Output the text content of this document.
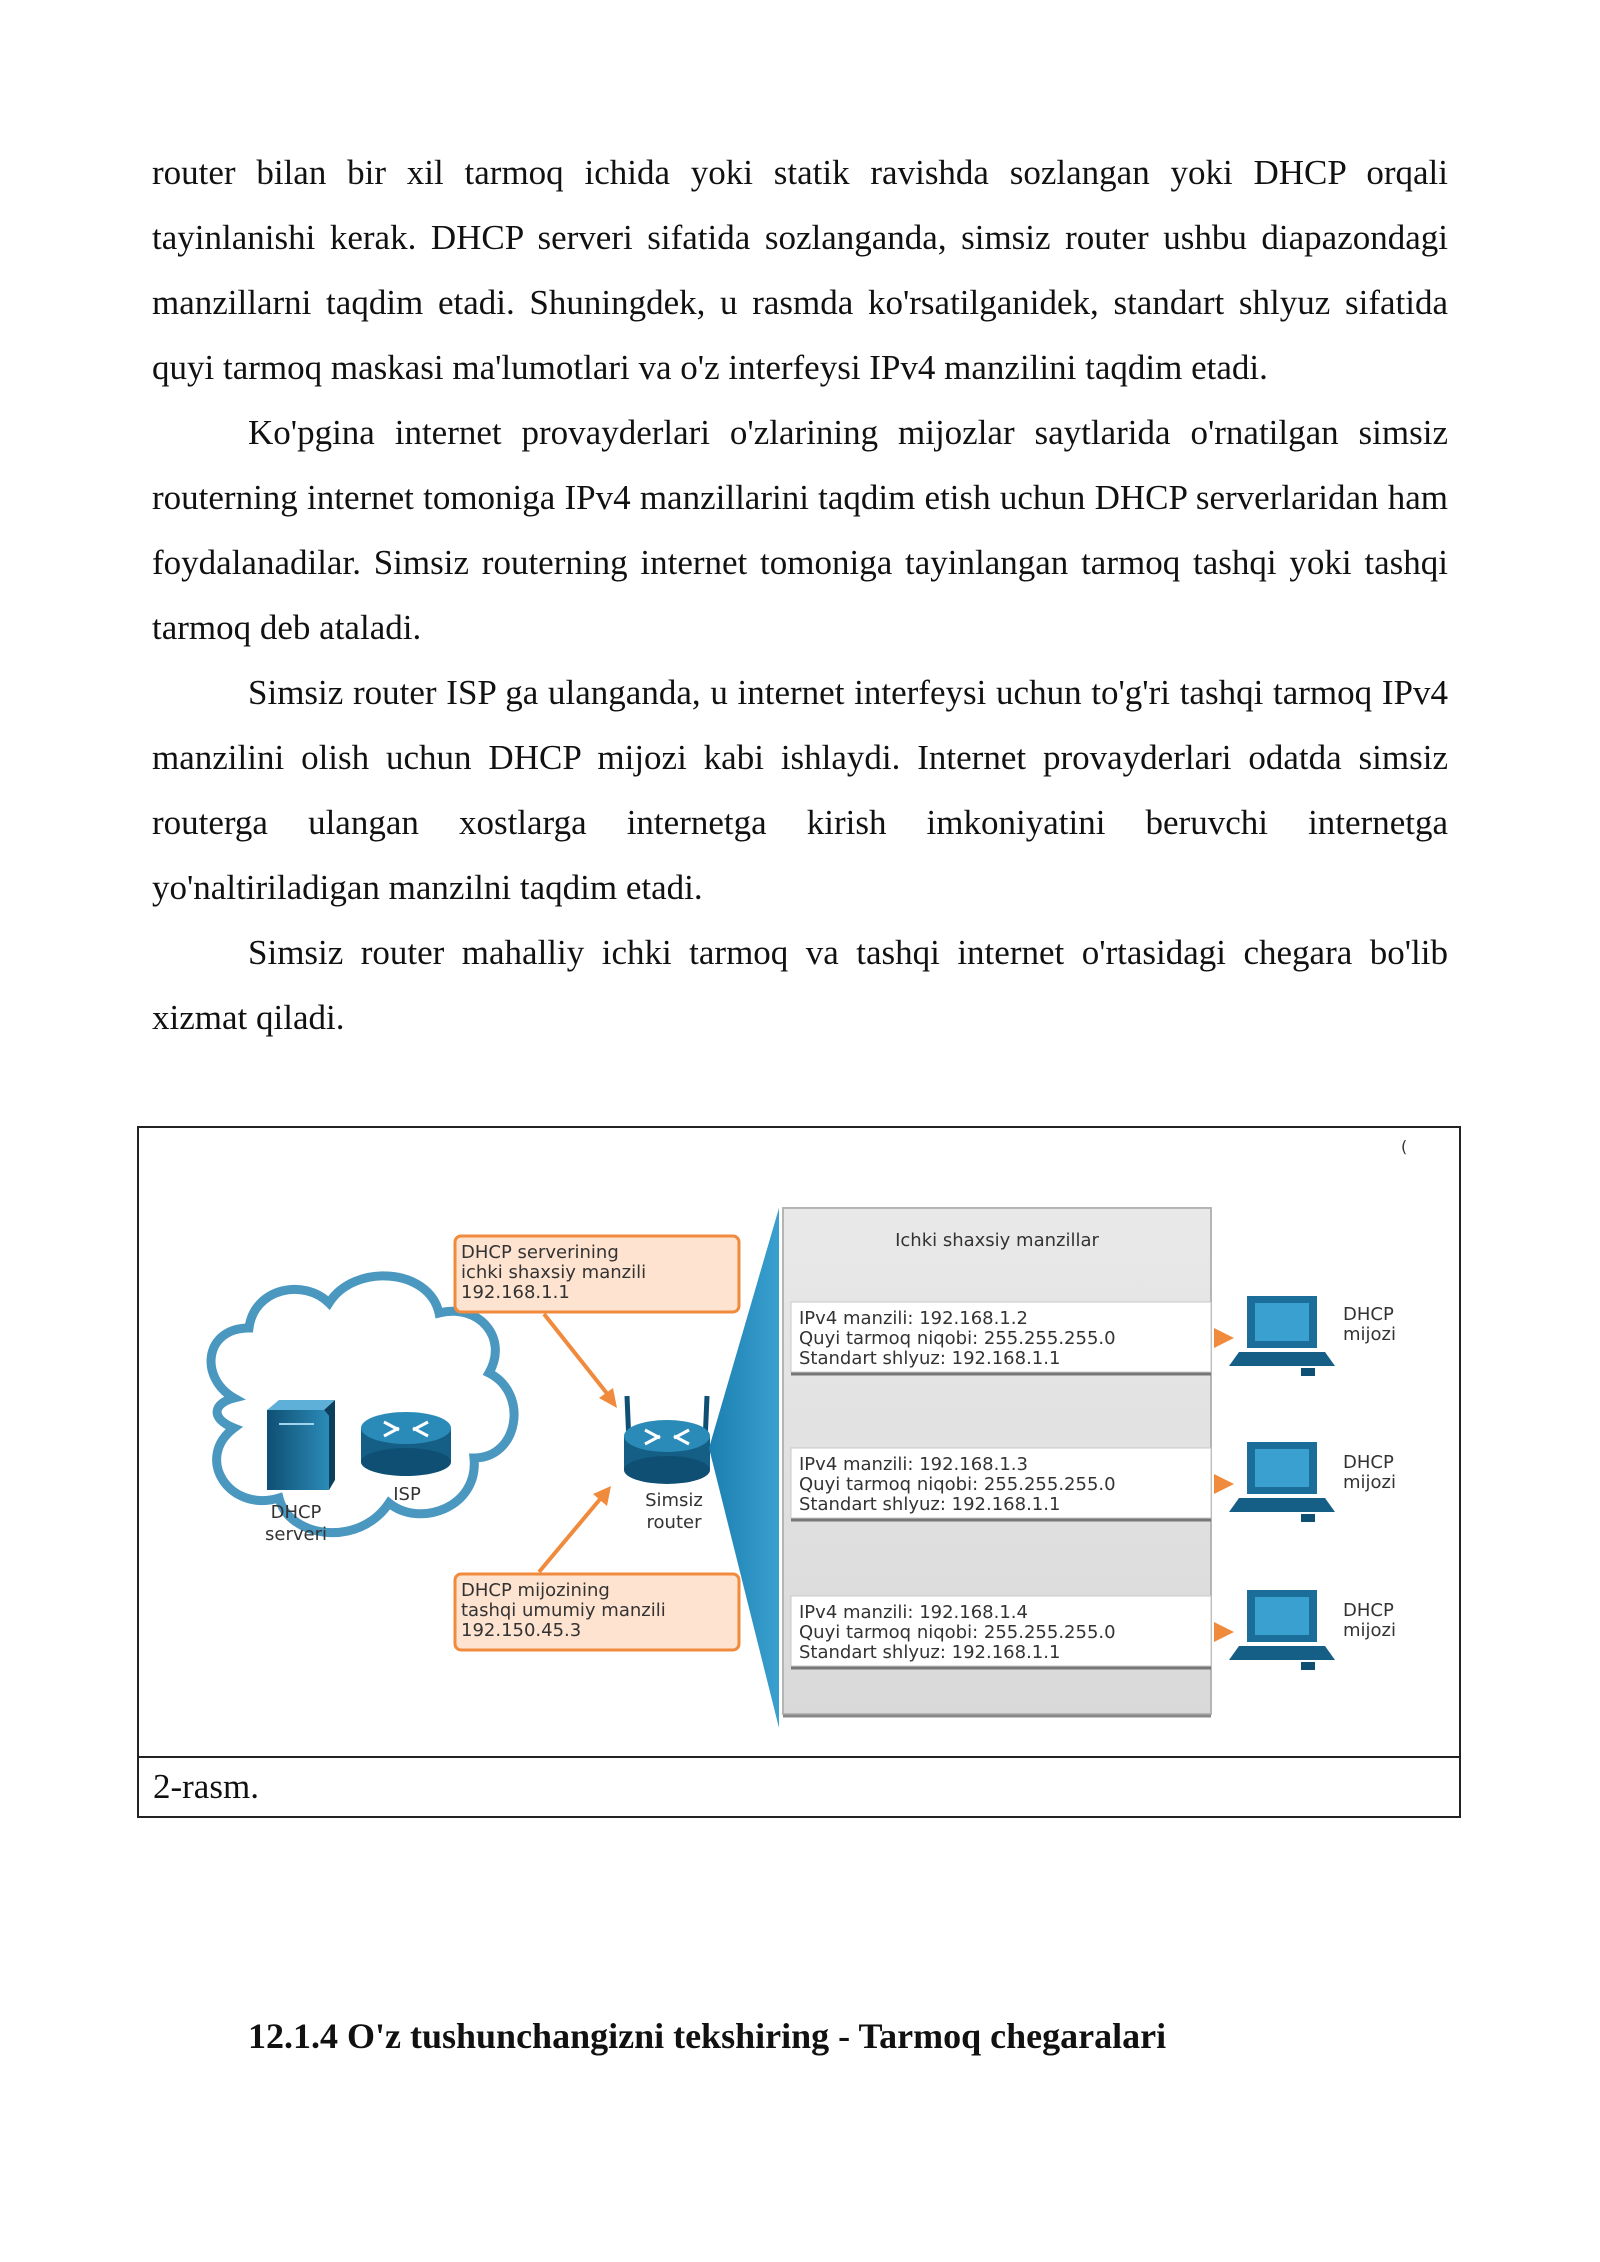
router bilan bir xil tarmoq ichida yoki statik ravishda sozlangan yoki DHCP orqali tayinlanishi kerak. DHCP serveri sifatida sozlanganda, simsiz router ushbu diapazondagi manzillarni taqdim etadi. Shuningdek, u rasmda ko'rsatilganidek, standart shlyuz sifatida quyi tarmoq maskasi ma'lumotlari va o'z interfeysi IPv4 manzilini taqdim etadi.

Ko'pgina internet provayderlari o'zlarining mijozlar saytlarida o'rnatilgan simsiz routerning internet tomoniga IPv4 manzillarini taqdim etish uchun DHCP serverlaridan ham foydalanadilar. Simsiz routerning internet tomoniga tayinlangan tarmoq tashqi yoki tashqi tarmoq deb ataladi.

Simsiz router ISP ga ulanganda, u internet interfeysi uchun to'g'ri tashqi tarmoq IPv4 manzilini olish uchun DHCP mijozi kabi ishlaydi. Internet provayderlari odatda simsiz routerga ulangan xostlarga internetga kirish imkoniyatini beruvchi internetga yo'naltiriladigan manzilni taqdim etadi.

Simsiz router mahalliy ichki tarmoq va tashqi internet o'rtasidagi chegara bo'lib xizmat qiladi.

(
DHCP
serveri
ISP	Simsiz
router
DHCP serverining
ichki shaxsiy manzili
192.168.1.1
DHCP mijozining
tashqi umumiy manzili
192.150.45.3
Ichki shaxsiy manzillar
IPv4 manzili: 192.168.1.2
Quyi tarmoq niqobi: 255.255.255.0
Standart shlyuz: 192.168.1.1
IPv4 manzili: 192.168.1.3
Quyi tarmoq niqobi: 255.255.255.0
Standart shlyuz: 192.168.1.1
IPv4 manzili: 192.168.1.4
Quyi tarmoq niqobi: 255.255.255.0
Standart shlyuz: 192.168.1.1
DHCP
mijozi
DHCP
mijozi
DHCP
mijozi
2-rasm.
12.1.4 O'z tushunchangizni tekshiring - Tarmoq chegaralari
